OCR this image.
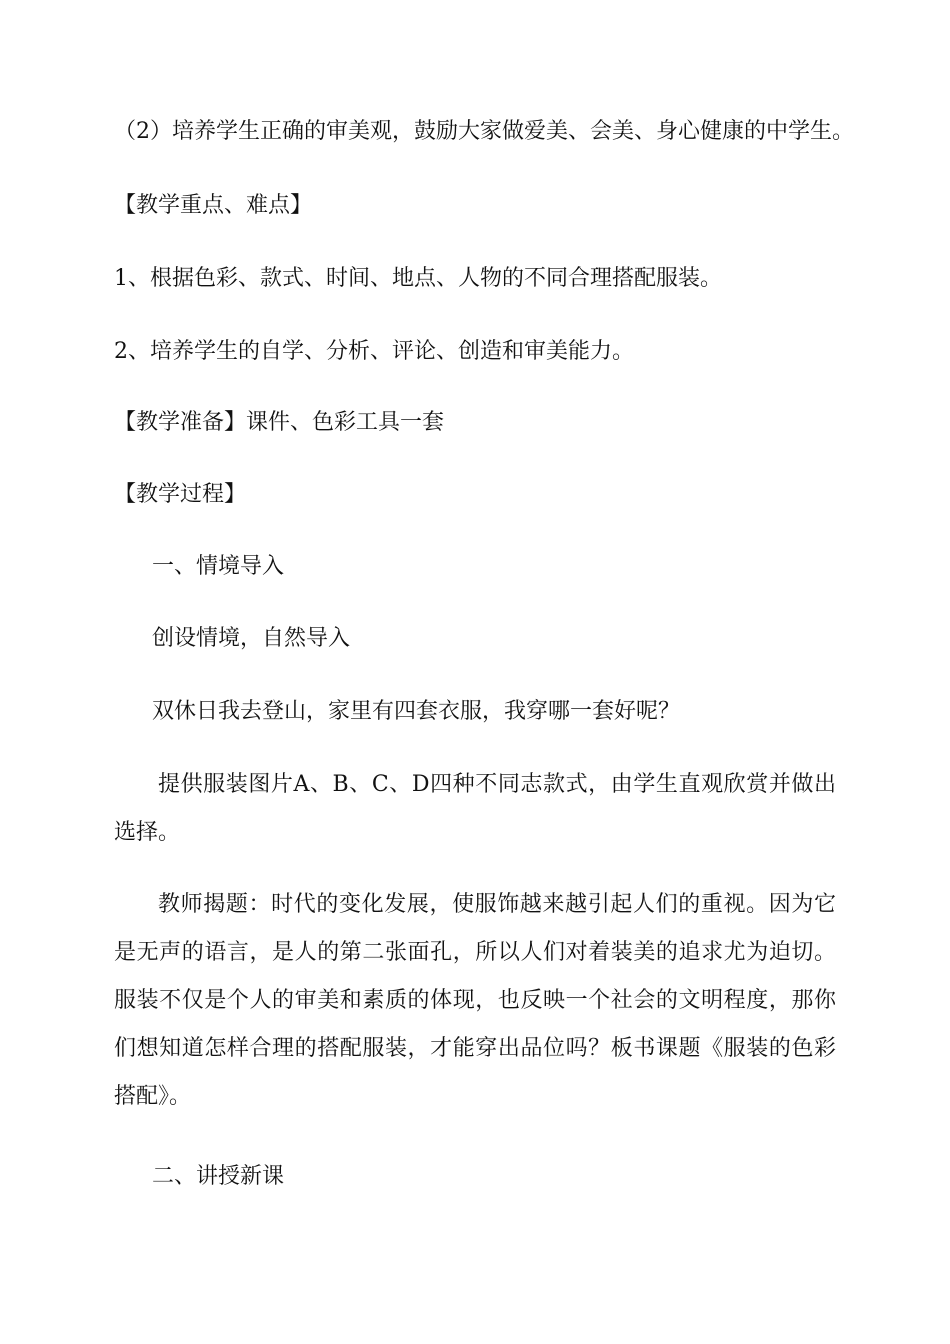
（2）培养学生正确的审美观，鼓励大家做爱美、会美、身心健康的中学生。
【教学重点、难点】
1、根据色彩、款式、时间、地点、人物的不同合理搭配服装。
2、培养学生的自学、分析、评论、创造和审美能力。
【教学准备】课件、色彩工具一套
【教学过程】
一、情境导入
创设情境，自然导入
双休日我去登山，家里有四套衣服，我穿哪一套好呢？
提供服装图片A、B、C、D四种不同志款式，由学生直观欣赏并做出选择。
教师揭题：时代的变化发展，使服饰越来越引起人们的重视。因为它是无声的语言，是人的第二张面孔，所以人们对着装美的追求尤为迫切。服装不仅是个人的审美和素质的体现，也反映一个社会的文明程度，那你们想知道怎样合理的搭配服装，才能穿出品位吗？板书课题《服装的色彩搭配》。
二、讲授新课
